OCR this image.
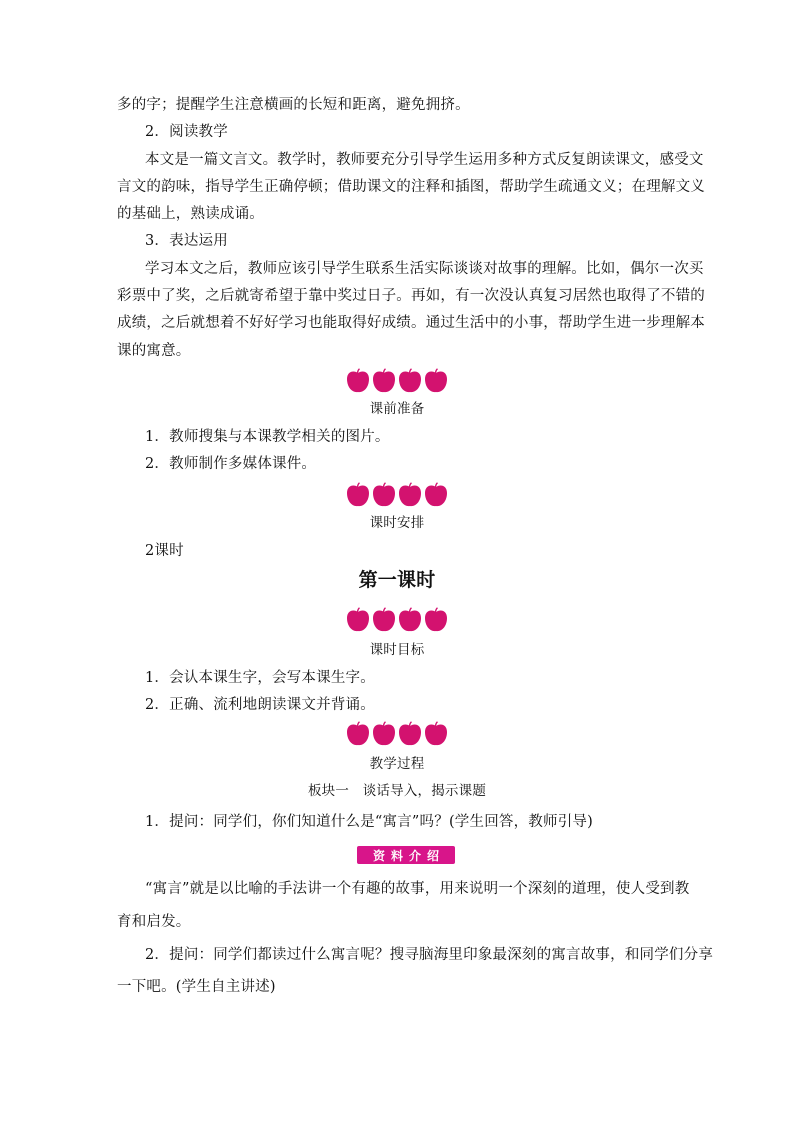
多的字；提醒学生注意横画的长短和距离，避免拥挤。
2．阅读教学
本文是一篇文言文。教学时，教师要充分引导学生运用多种方式反复朗读课文，感受文
言文的韵味，指导学生正确停顿；借助课文的注释和插图，帮助学生疏通文义；在理解文义
的基础上，熟读成诵。
3．表达运用
学习本文之后，教师应该引导学生联系生活实际谈谈对故事的理解。比如，偶尔一次买
彩票中了奖，之后就寄希望于靠中奖过日子。再如，有一次没认真复习居然也取得了不错的
成绩，之后就想着不好好学习也能取得好成绩。通过生活中的小事，帮助学生进一步理解本
课的寓意。
课前准备
1．教师搜集与本课教学相关的图片。
2．教师制作多媒体课件。
课时安排
2课时
第一课时
课时目标
1．会认本课生字，会写本课生字。
2．正确、流利地朗读课文并背诵。
教学过程
板块一　谈话导入，揭示课题
1．提问：同学们，你们知道什么是“寓言”吗？(学生回答，教师引导)
资料介绍
“寓言”就是以比喻的手法讲一个有趣的故事，用来说明一个深刻的道理，使人受到教
育和启发。
2．提问：同学们都读过什么寓言呢？搜寻脑海里印象最深刻的寓言故事，和同学们分享
一下吧。(学生自主讲述)
